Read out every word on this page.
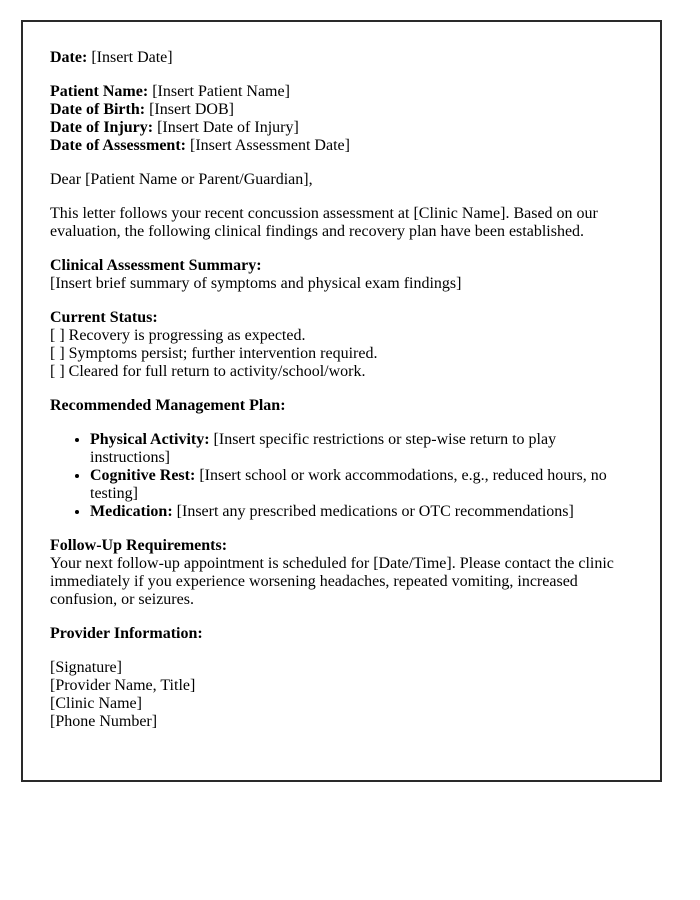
Date: [Insert Date]

Patient Name: [Insert Patient Name]
Date of Birth: [Insert DOB]
Date of Injury: [Insert Date of Injury]
Date of Assessment: [Insert Assessment Date]

Dear [Patient Name or Parent/Guardian],

This letter follows your recent concussion assessment at [Clinic Name]. Based on our evaluation, the following clinical findings and recovery plan have been established.

Clinical Assessment Summary:
[Insert brief summary of symptoms and physical exam findings]
Current Status:
[ ] Recovery is progressing as expected.
[ ] Symptoms persist; further intervention required.
[ ] Cleared for full return to activity/school/work.

Recommended Management Plan:

• Physical Activity: [Insert specific restrictions or step-wise return to play instructions]
• Cognitive Rest: [Insert school or work accommodations, e.g., reduced hours, no testing]
• Medication: [Insert any prescribed medications or OTC recommendations]
Follow-Up Requirements:
Your next follow-up appointment is scheduled for [Date/Time]. Please contact the clinic immediately if you experience worsening headaches, repeated vomiting, increased confusion, or seizures.

Provider Information:

[Signature]
[Provider Name, Title]
[Clinic Name]
[Phone Number]
